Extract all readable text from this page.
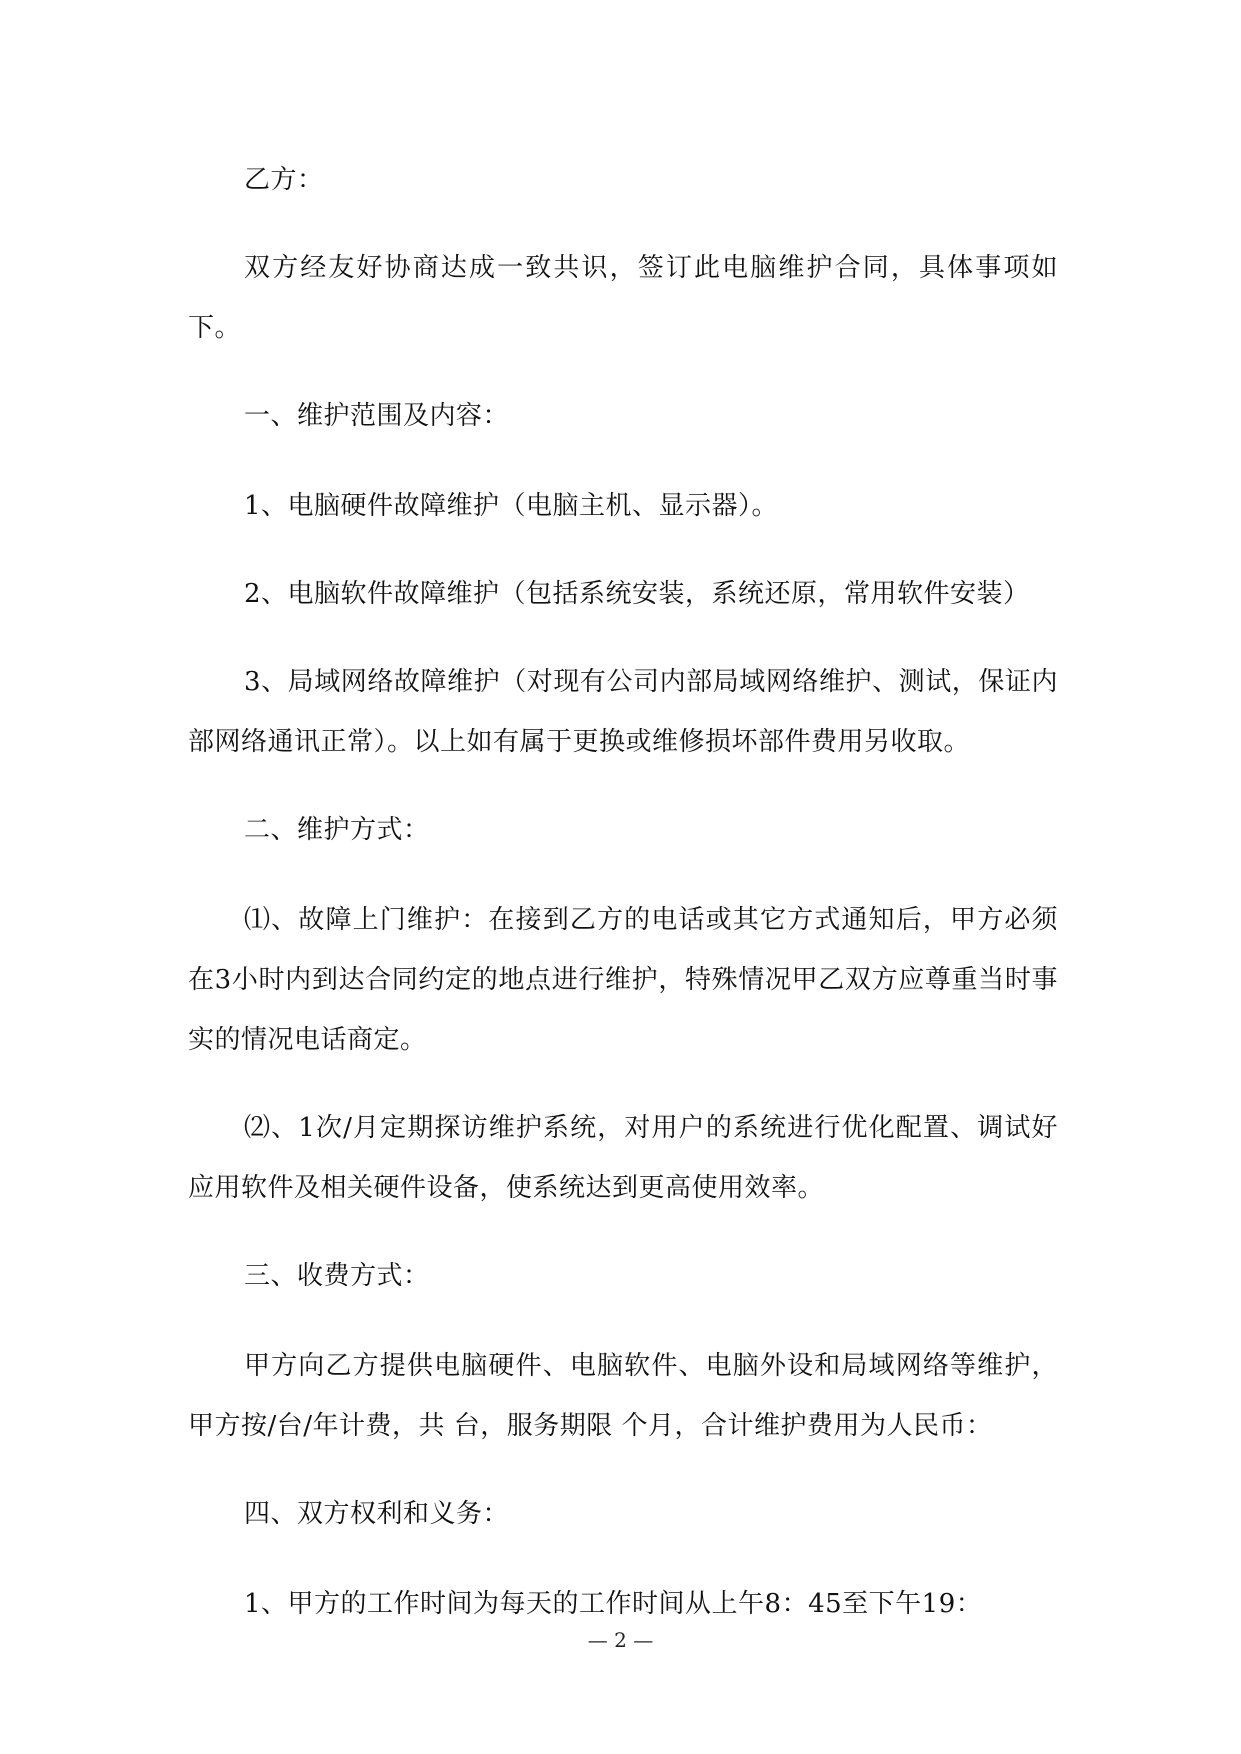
乙方：

双方经友好协商达成一致共识，签订此电脑维护合同，具体事项如下。

一、维护范围及内容：

1、电脑硬件故障维护（电脑主机、显示器）。

2、电脑软件故障维护（包括系统安装，系统还原，常用软件安装）

3、局域网络故障维护（对现有公司内部局域网络维护、测试，保证内部网络通讯正常）。以上如有属于更换或维修损坏部件费用另收取。

二、维护方式：

⑴、故障上门维护：在接到乙方的电话或其它方式通知后，甲方必须在3小时内到达合同约定的地点进行维护，特殊情况甲乙双方应尊重当时事实的情况电话商定。

⑵、1次/月定期探访维护系统，对用户的系统进行优化配置、调试好应用软件及相关硬件设备，使系统达到更高使用效率。

三、收费方式：

甲方向乙方提供电脑硬件、电脑软件、电脑外设和局域网络等维护，甲方按/台/年计费，共 台，服务期限 个月，合计维护费用为人民币：

四、双方权利和义务：

1、甲方的工作时间为每天的工作时间从上午8：45至下午19：

— 2 —
